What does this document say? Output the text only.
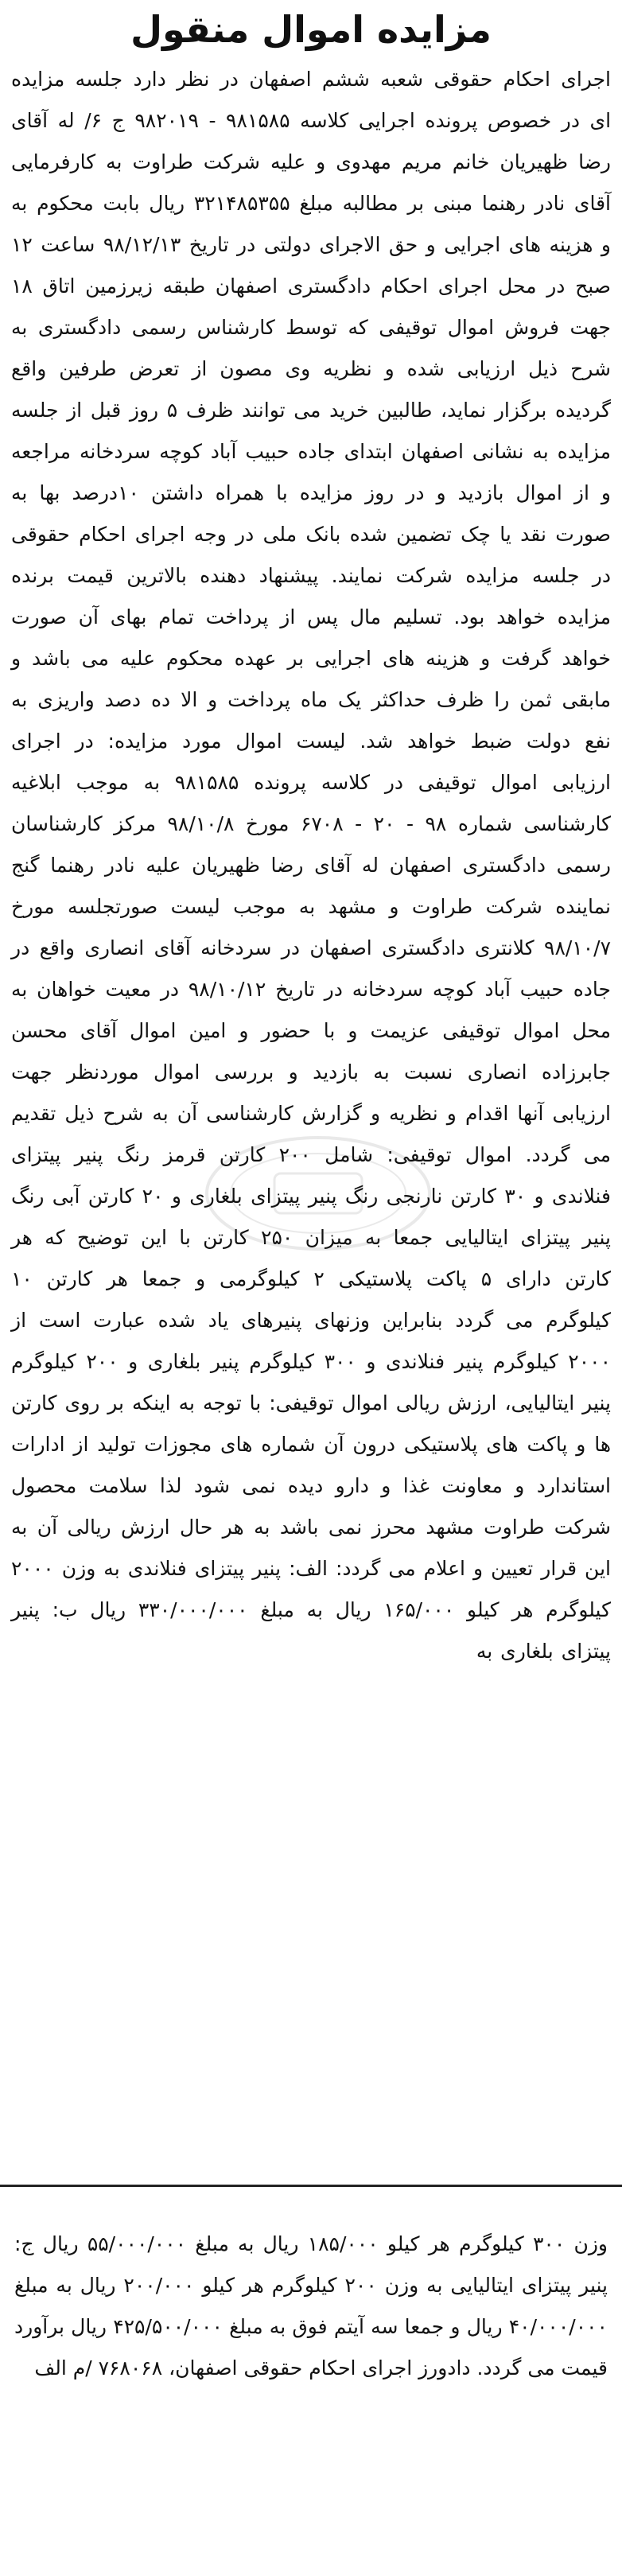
مزایده اموال منقول

اجرای احکام حقوقی شعبه ششم اصفهان در نظر دارد جلسه مزایده ای در خصوص پرونده اجرایی کلاسه ۹۸۱۵۸۵ - ۹۸۲۰۱۹ ج ۶/ له آقای رضا ظهیریان خانم مریم مهدوی و علیه شرکت طراوت به کارفرمایی آقای نادر رهنما مبنی بر مطالبه مبلغ ۳۲۱۴۸۵۳۵۵ ریال بابت محکوم به و هزینه های اجرایی و حق الاجرای دولتی در تاریخ ۹۸/۱۲/۱۳ ساعت ۱۲ صبح در محل اجرای احکام دادگستری اصفهان طبقه زیرزمین اتاق ۱۸ جهت فروش اموال توقیفی که توسط کارشناس رسمی دادگستری به شرح ذیل ارزیابی شده و نظریه وی مصون از تعرض طرفین واقع گردیده برگزار نماید، طالبین خرید می توانند ظرف ۵ روز قبل از جلسه مزایده به نشانی اصفهان ابتدای جاده حبیب آباد کوچه سردخانه مراجعه و از اموال بازدید و در روز مزایده با همراه داشتن ۱۰درصد بها به صورت نقد یا چک تضمین شده بانک ملی در وجه اجرای احکام حقوقی در جلسه مزایده شرکت نمایند. پیشنهاد دهنده بالاترین قیمت برنده مزایده خواهد بود. تسلیم مال پس از پرداخت تمام بهای آن صورت خواهد گرفت و هزینه های اجرایی بر عهده محکوم علیه می باشد و مابقی ثمن را ظرف حداکثر یک ماه پرداخت و الا ده دصد واریزی به نفع دولت ضبط خواهد شد. لیست اموال مورد مزایده: در اجرای ارزیابی اموال توقیفی در کلاسه پرونده ۹۸۱۵۸۵ به موجب ابلاغیه کارشناسی شماره ۹۸ - ۲۰ - ۶۷۰۸ مورخ ۹۸/۱۰/۸ مرکز کارشناسان رسمی دادگستری اصفهان له آقای رضا ظهیریان علیه نادر رهنما گنج نماینده شرکت طراوت و مشهد به موجب لیست صورتجلسه مورخ ۹۸/۱۰/۷ کلانتری دادگستری اصفهان در سردخانه آقای انصاری واقع در جاده حبیب آباد کوچه سردخانه در تاریخ ۹۸/۱۰/۱۲ در معیت خواهان به محل اموال توقیفی عزیمت و با حضور و امین اموال آقای محسن جابرزاده انصاری نسبت به بازدید و بررسی اموال موردنظر جهت ارزیابی آنها اقدام و نظریه و گزارش کارشناسی آن به شرح ذیل تقدیم می گردد. اموال توقیفی: شامل ۲۰۰ کارتن قرمز رنگ پنیر پیتزای فنلاندی و ۳۰ کارتن نارنجی رنگ پنیر پیتزای بلغاری و ۲۰ کارتن آبی رنگ پنیر پیتزای ایتالیایی جمعا به میزان ۲۵۰ کارتن با این توضیح که هر کارتن دارای ۵ پاکت پلاستیکی ۲ کیلوگرمی و جمعا هر کارتن ۱۰ کیلوگرم می گردد بنابراین وزنهای پنیرهای یاد شده عبارت است از ۲۰۰۰ کیلوگرم پنیر فنلاندی و ۳۰۰ کیلوگرم پنیر بلغاری و ۲۰۰ کیلوگرم پنیر ایتالیایی، ارزش ریالی اموال توقیفی: با توجه به اینکه بر روی کارتن ها و پاکت های پلاستیکی درون آن شماره های مجوزات تولید از ادارات استاندارد و معاونت غذا و دارو دیده نمی شود لذا سلامت محصول شرکت طراوت مشهد محرز نمی باشد به هر حال ارزش ریالی آن به این قرار تعیین و اعلام می گردد: الف: پنیر پیتزای فنلاندی به وزن ۲۰۰۰ کیلوگرم هر کیلو ۱۶۵/۰۰۰ ریال به مبلغ ۳۳۰/۰۰۰/۰۰۰ ریال ب: پنیر پیتزای بلغاری به

وزن ۳۰۰ کیلوگرم هر کیلو ۱۸۵/۰۰۰ ریال به مبلغ ۵۵/۰۰۰/۰۰۰ ریال ج: پنیر پیتزای ایتالیایی به وزن ۲۰۰ کیلوگرم هر کیلو ۲۰۰/۰۰۰ ریال به مبلغ ۴۰/۰۰۰/۰۰۰ ریال و جمعا سه آیتم فوق به مبلغ ۴۲۵/۵۰۰/۰۰۰ ریال برآورد قیمت می گردد. دادورز اجرای احکام حقوقی اصفهان، ۷۶۸۰۶۸ /م الف
